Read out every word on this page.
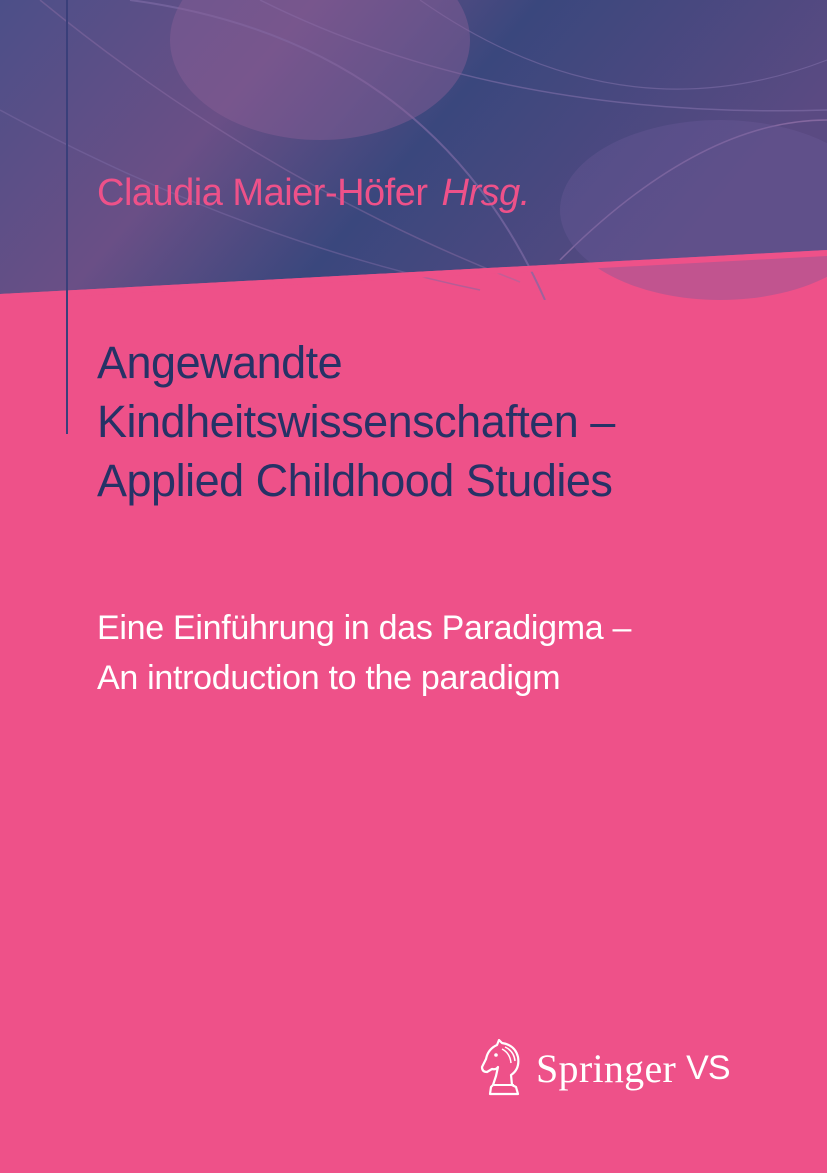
Claudia Maier-Höfer Hrsg.
Angewandte
Kindheitswissenschaften –
Applied Childhood Studies
Eine Einführung in das Paradigma –
An introduction to the paradigm
Springer VS
